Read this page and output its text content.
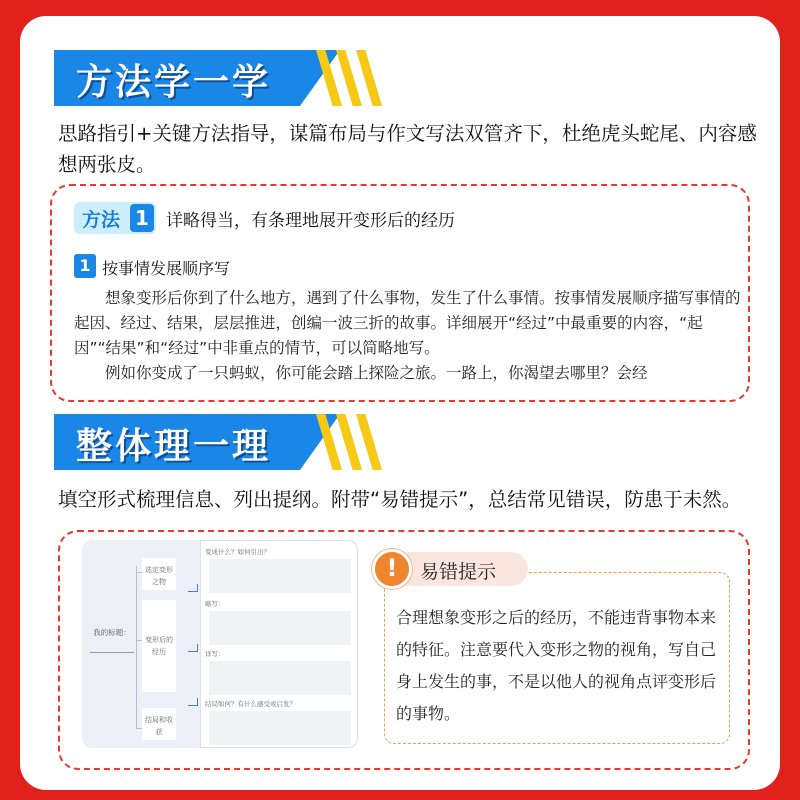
方法学一学
思路指引+关键方法指导，谋篇布局与作文写法双管齐下，杜绝虎头蛇尾、内容感想两张皮。
方法 1 详略得当，有条理地展开变形后的经历
1 按事情发展顺序写
想象变形后你到了什么地方，遇到了什么事物，发生了什么事情。按事情发展顺序描写事情的起因、经过、结果，层层推进，创编一波三折的故事。详细展开“经过”中最重要的内容，“起因”“结果”和“经过”中非重点的情节，可以简略地写。
例如你变成了一只蚂蚁，你可能会踏上探险之旅。一路上，你渴望去哪里？会经
整体理一理
填空形式梳理信息、列出提纲。附带“易错提示”，总结常见错误，防患于未然。
我的标题：
选定变形之物
变形后的经历
结局和收获
变成什么？如何引出？
略写：
详写：
结局如何？有什么感受或启发？
!	易错提示
合理想象变形之后的经历，不能违背事物本来的特征。注意要代入变形之物的视角，写自己身上发生的事，不是以他人的视角点评变形后的事物。
